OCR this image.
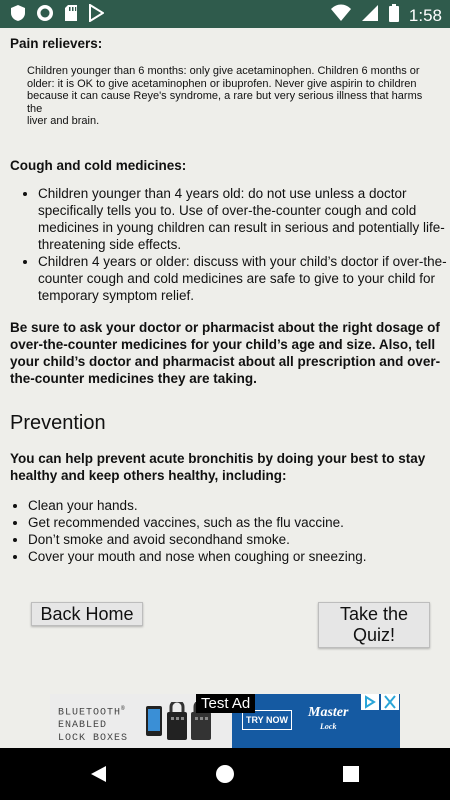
1:58

Pain relievers:

Children younger than 6 months: only give acetaminophen. Children 6 months or

older: it is OK to give acetaminophen or ibuprofen. Never give aspirin to children

because it can cause Reye's syndrome, a rare but very serious illness that harms the

liver and brain.

Cough and cold medicines:

• Children younger than 4 years old: do not use unless a doctor
specifically tells you to. Use of over-the-counter cough and cold
medicines in young children can result in serious and potentially life-
threatening side effects.
• Children 4 years or older: discuss with your child’s doctor if over-the-
counter cough and cold medicines are safe to give to your child for
temporary symptom relief.
Be sure to ask your doctor or pharmacist about the right dosage of
over-the-counter medicines for your child’s age and size. Also, tell
your child’s doctor and pharmacist about all prescription and over-
the-counter medicines they are taking.
Prevention
You can help prevent acute bronchitis by doing your best to stay
healthy and keep others healthy, including:
• Clean your hands.
• Get recommended vaccines, such as the flu vaccine.
• Don’t smoke and avoid secondhand smoke.
• Cover your mouth and nose when coughing or sneezing.
Back Home	Take the
Quiz!
BLUETOOTH®
ENABLED
LOCK BOXES
TRY NOW Master
Lock
Test Ad
